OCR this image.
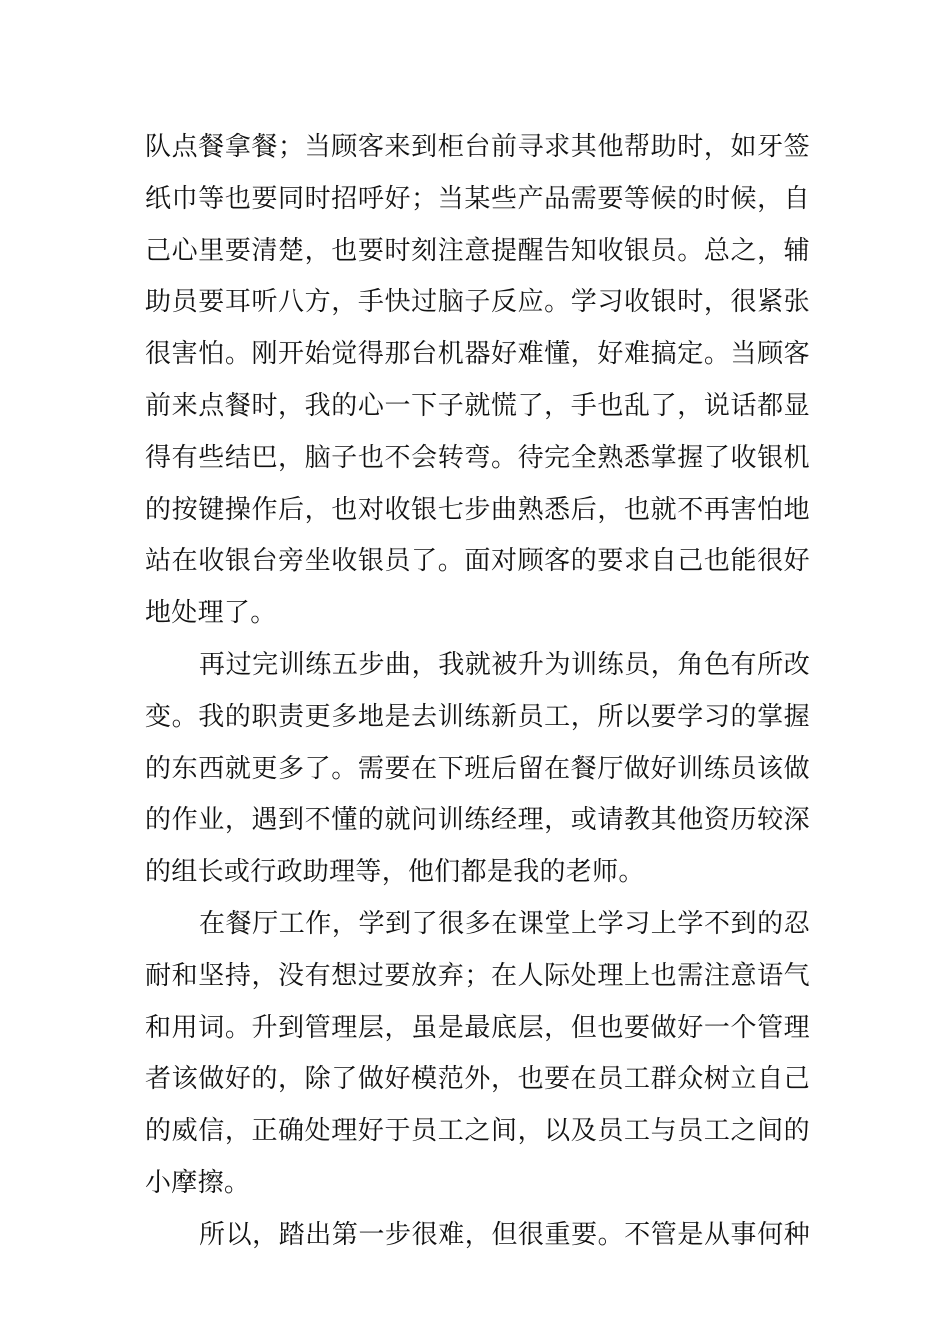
队点餐拿餐；当顾客来到柜台前寻求其他帮助时，如牙签
纸巾等也要同时招呼好；当某些产品需要等候的时候，自
己心里要清楚，也要时刻注意提醒告知收银员。总之，辅
助员要耳听八方，手快过脑子反应。学习收银时，很紧张
很害怕。刚开始觉得那台机器好难懂，好难搞定。当顾客
前来点餐时，我的心一下子就慌了，手也乱了，说话都显
得有些结巴，脑子也不会转弯。待完全熟悉掌握了收银机
的按键操作后，也对收银七步曲熟悉后，也就不再害怕地
站在收银台旁坐收银员了。面对顾客的要求自己也能很好
地处理了。
再过完训练五步曲，我就被升为训练员，角色有所改
变。我的职责更多地是去训练新员工，所以要学习的掌握
的东西就更多了。需要在下班后留在餐厅做好训练员该做
的作业，遇到不懂的就问训练经理，或请教其他资历较深
的组长或行政助理等，他们都是我的老师。
在餐厅工作，学到了很多在课堂上学习上学不到的忍
耐和坚持，没有想过要放弃；在人际处理上也需注意语气
和用词。升到管理层，虽是最底层，但也要做好一个管理
者该做好的，除了做好模范外，也要在员工群众树立自己
的威信，正确处理好于员工之间，以及员工与员工之间的
小摩擦。
所以，踏出第一步很难，但很重要。不管是从事何种
